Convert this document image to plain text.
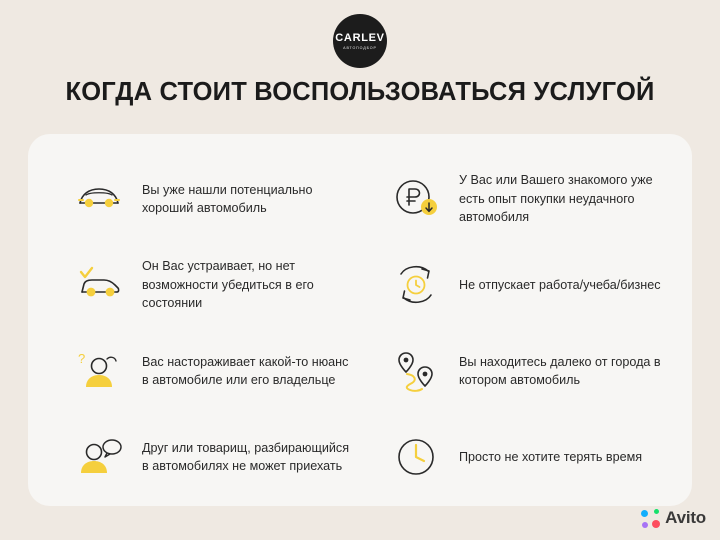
CARLEV
АВТОПОДБОР
КОГДА СТОИТ ВОСПОЛЬЗОВАТЬСЯ УСЛУГОЙ
Вы уже нашли потенциально хороший автомобиль
Он Вас устраивает, но нет возможности убедиться в его состоянии
?	Вас настораживает какой-то нюанс в автомобиле или его владельце
Друг или товарищ, разбирающийся в автомобилях не может приехать
У Вас или Вашего знакомого уже есть опыт покупки неудачного автомобиля
Не отпускает работа/учеба/бизнес
Вы находитесь далеко от города в котором автомобиль
Просто не хотите терять время
Avito
